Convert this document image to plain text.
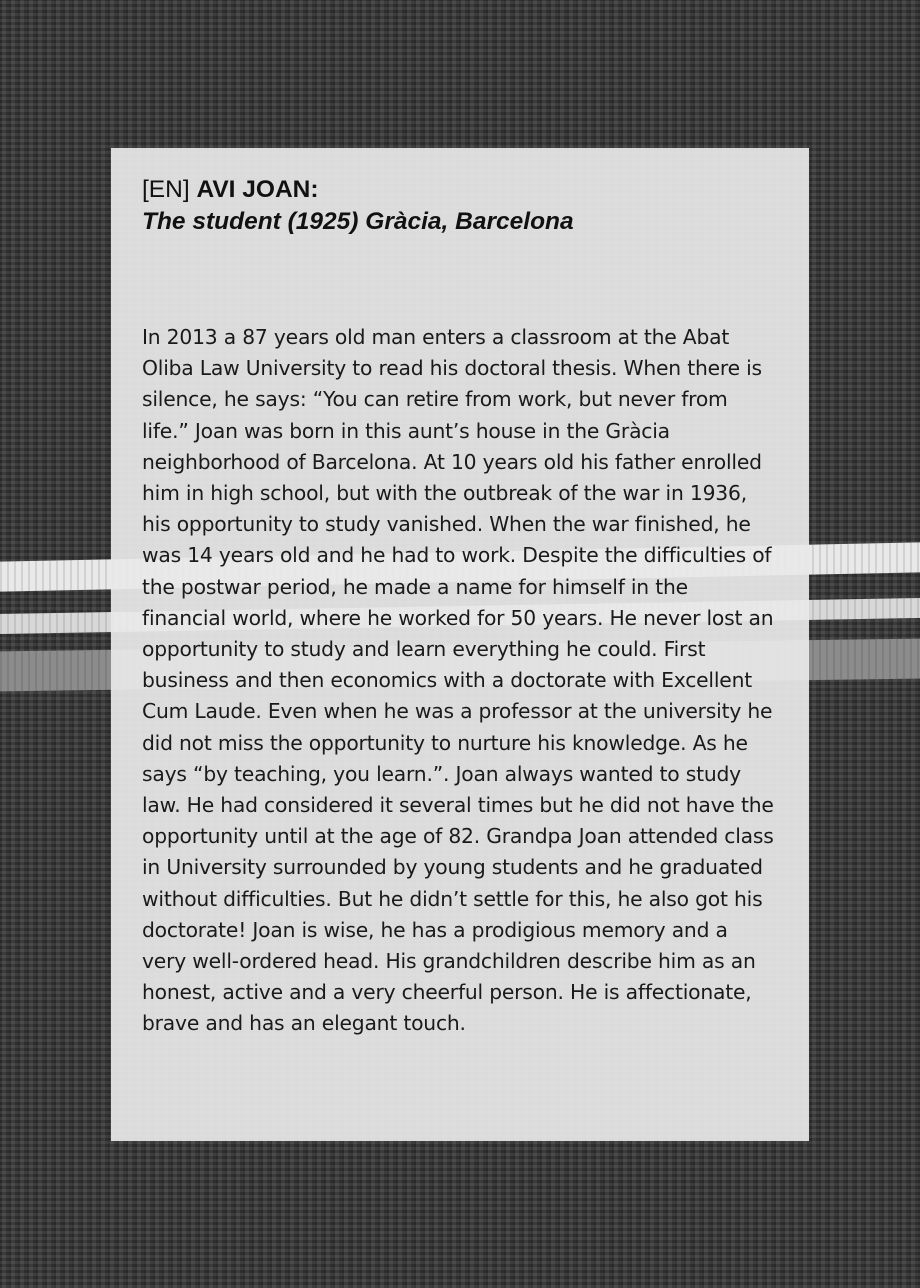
[EN] AVI JOAN:
The student (1925) Gràcia, Barcelona

In 2013 a 87 years old man enters a classroom at the Abat Oliba Law University to read his doctoral thesis. When there is silence, he says: “You can retire from work, but never from life.” Joan was born in this aunt’s house in the Gràcia neighborhood of Barcelona. At 10 years old his father enrolled him in high school, but with the outbreak of the war in 1936, his opportunity to study vanished. When the war finished, he was 14 years old and he had to work. Despite the difficulties of the postwar period, he made a name for himself in the financial world, where he worked for 50 years. He never lost an opportunity to study and learn everything he could. First business and then economics with a doctorate with Excellent Cum Laude. Even when he was a professor at the university he did not miss the opportunity to nurture his knowledge. As he says “by teaching, you learn.”. Joan always wanted to study law. He had considered it several times but he did not have the opportunity until at the age of 82. Grandpa Joan attended class in University surrounded by young students and he graduated without difficulties. But he didn’t settle for this, he also got his doctorate! Joan is wise, he has a prodigious memory and a very well-ordered head. His grandchildren describe him as an honest, active and a very cheerful person. He is affectionate, brave and has an elegant touch.
